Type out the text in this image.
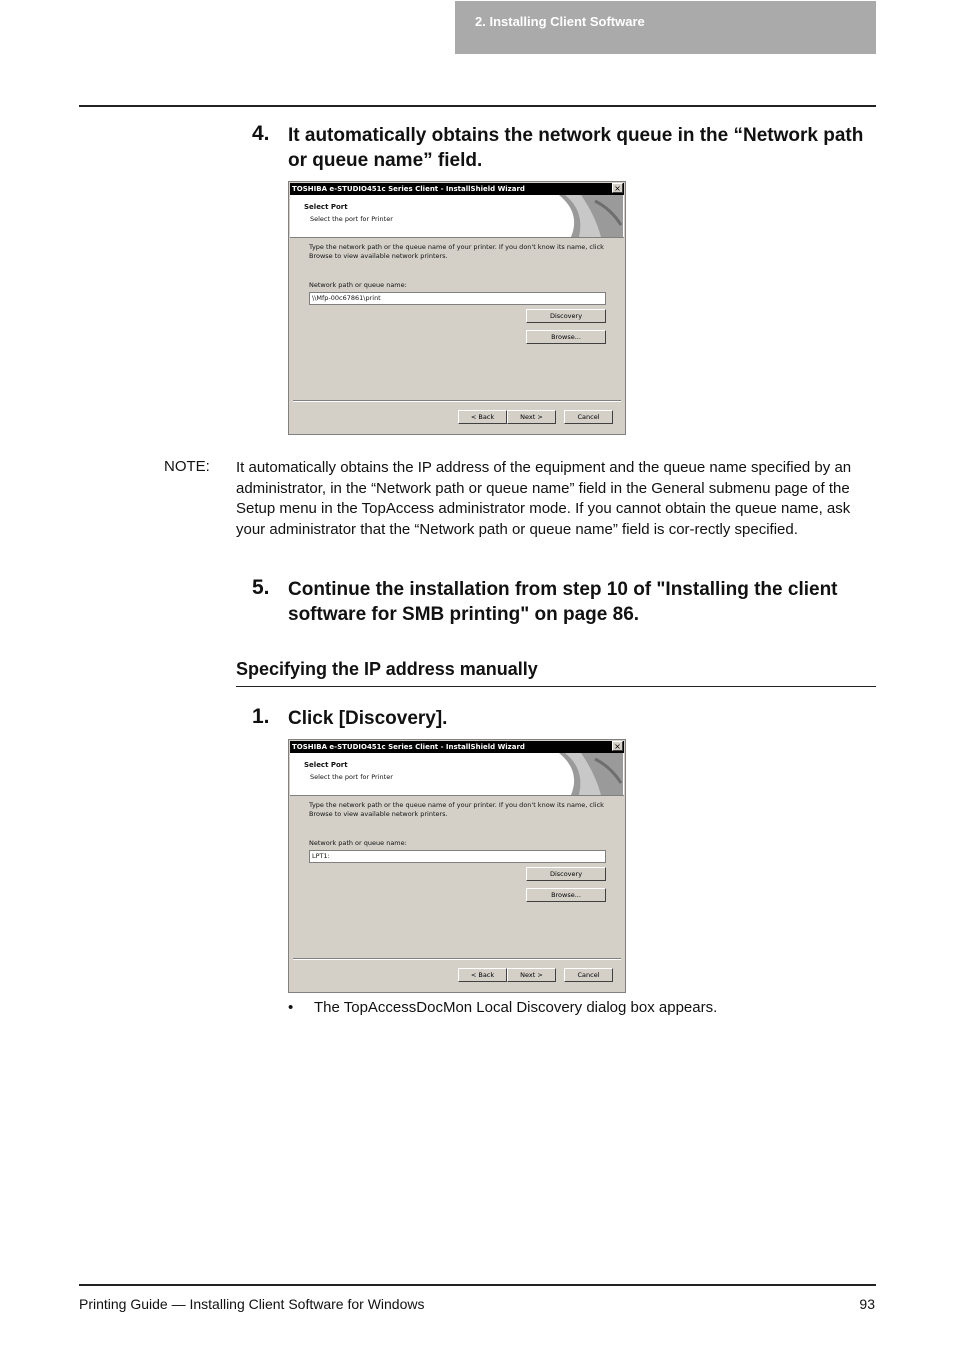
2. Installing Client Software
4. It automatically obtains the network queue in the “Network path or queue name” field.
TOSHIBA e-STUDIO451c Series Client - InstallShield Wizard	×
Select Port
Select the port for Printer
Type the network path or the queue name of your printer. If you don't know its name, click Browse to view available network printers.
Network path or queue name:
\\Mfp-00c67861\print
Discovery
Browse...
< Back	Next >	Cancel
NOTE: It automatically obtains the IP address of the equipment and the queue name specified by an administrator, in the “Network path or queue name” field in the General submenu page of the Setup menu in the TopAccess administrator mode. If you cannot obtain the queue name, ask your administrator that the “Network path or queue name” field is cor-rectly specified.
5. Continue the installation from step 10 of "Installing the client software for SMB printing" on page 86.
Specifying the IP address manually
1. Click [Discovery].
TOSHIBA e-STUDIO451c Series Client - InstallShield Wizard	×
Select Port
Select the port for Printer
Type the network path or the queue name of your printer. If you don't know its name, click Browse to view available network printers.
Network path or queue name:
LPT1:
Discovery
Browse...
< Back	Next >	Cancel
• The TopAccessDocMon Local Discovery dialog box appears.
Printing Guide — Installing Client Software for Windows	93
